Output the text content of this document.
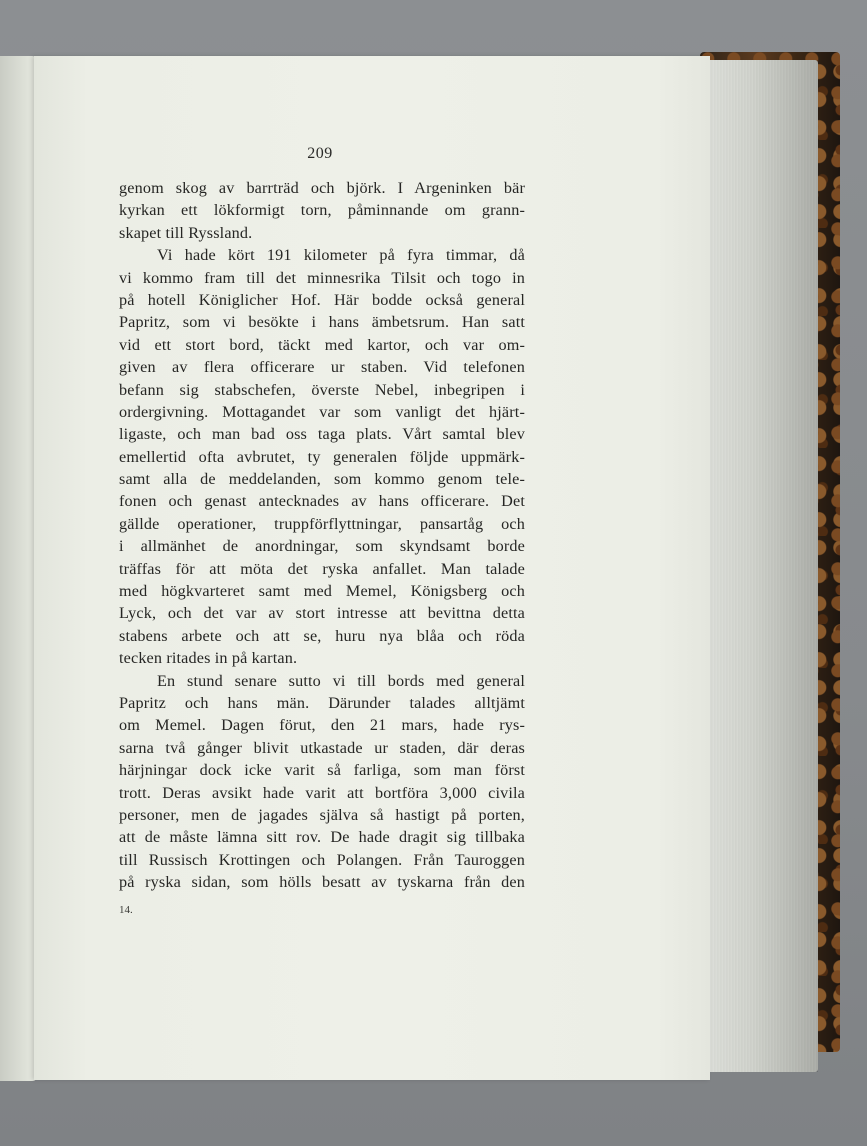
209
genom skog av barrträd och björk. I Argeninken bär
kyrkan ett lökformigt torn, påminnande om grann-
skapet till Ryssland.
Vi hade kört 191 kilometer på fyra timmar, då
vi kommo fram till det minnesrika Tilsit och togo in
på hotell Königlicher Hof. Här bodde också general
Papritz, som vi besökte i hans ämbetsrum. Han satt
vid ett stort bord, täckt med kartor, och var om-
given av flera officerare ur staben. Vid telefonen
befann sig stabschefen, överste Nebel, inbegripen i
ordergivning. Mottagandet var som vanligt det hjärt-
ligaste, och man bad oss taga plats. Vårt samtal blev
emellertid ofta avbrutet, ty generalen följde uppmärk-
samt alla de meddelanden, som kommo genom tele-
fonen och genast antecknades av hans officerare. Det
gällde operationer, truppförflyttningar, pansartåg och
i allmänhet de anordningar, som skyndsamt borde
träffas för att möta det ryska anfallet. Man talade
med högkvarteret samt med Memel, Königsberg och
Lyck, och det var av stort intresse att bevittna detta
stabens arbete och att se, huru nya blåa och röda
tecken ritades in på kartan.
En stund senare sutto vi till bords med general
Papritz och hans män. Därunder talades alltjämt
om Memel. Dagen förut, den 21 mars, hade rys-
sarna två gånger blivit utkastade ur staden, där deras
härjningar dock icke varit så farliga, som man först
trott. Deras avsikt hade varit att bortföra 3,000 civila
personer, men de jagades själva så hastigt på porten,
att de måste lämna sitt rov. De hade dragit sig tillbaka
till Russisch Krottingen och Polangen. Från Tauroggen
på ryska sidan, som hölls besatt av tyskarna från den
14.
